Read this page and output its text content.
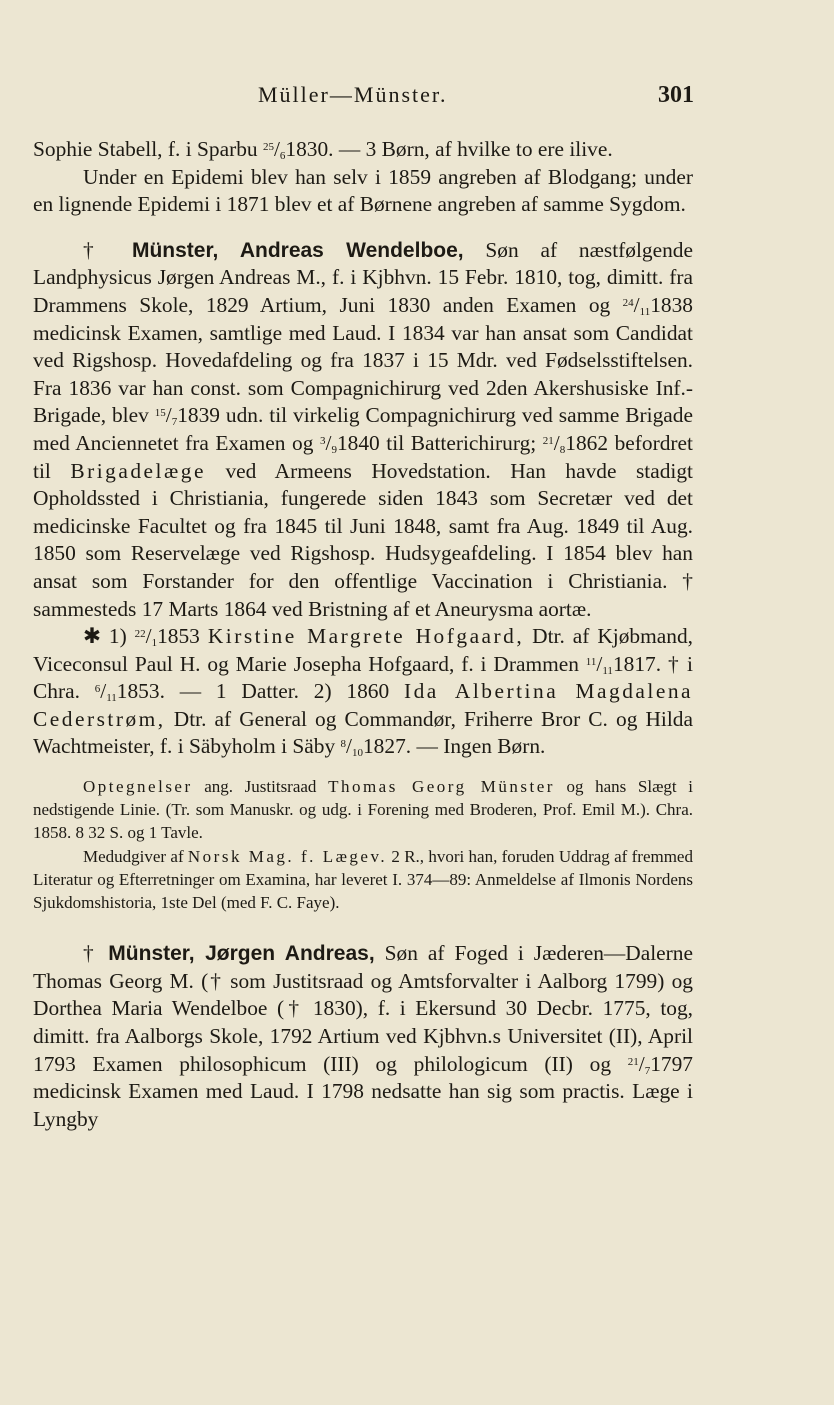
Müller—Münster.	301

Sophie Stabell, f. i Sparbu $^{25}/_61830$. — 3 Børn, af hvilke to ere ilive.

Under en Epidemi blev han selv i 1859 angreben af Blodgang; under en lignende Epidemi i 1871 blev et af Børnene angreben af samme Sygdom.

† Münster, Andreas Wendelboe, Søn af næstfølgende Landphysicus Jørgen Andreas M., f. i Kjbhvn. 15 Febr. 1810, tog, dimitt. fra Drammens Skole, 1829 Artium, Juni 1830 anden Examen og $^{24}/_{11}1838$ medicinsk Examen, samtlige med Laud. I 1834 var han ansat som Candidat ved Rigshosp. Hovedafdeling og fra 1837 i 15 Mdr. ved Fødselsstiftelsen. Fra 1836 var han const. som Compagnichirurg ved 2den Akershusiske Inf.-Brigade, blev $^{15}/_71839$ udn. til virkelig Compagnichirurg ved samme Brigade med Anciennetet fra Examen og $^3/_91840$ til Batterichirurg; $^{21}/_81862$ befordret til Brigadelæge ved Armeens Hovedstation. Han havde stadigt Opholdssted i Christiania, fungerede siden 1843 som Secretær ved det medicinske Facultet og fra 1845 til Juni 1848, samt fra Aug. 1849 til Aug. 1850 som Reservelæge ved Rigshosp. Hudsygeafdeling. I 1854 blev han ansat som Forstander for den offentlige Vaccination i Christiania. † sammesteds 17 Marts 1864 ved Bristning af et Aneurysma aortæ.

✱ 1) $^{22}/_11853$ Kirstine Margrete Hofgaard, Dtr. af Kjøbmand, Viceconsul Paul H. og Marie Josepha Hofgaard, f. i Drammen $^{11}/_{11}1817$. † i Chra. $^6/_{11}1853$. — 1 Datter. 2) 1860 Ida Albertina Magdalena Cederstrøm, Dtr. af General og Commandør, Friherre Bror C. og Hilda Wachtmeister, f. i Säbyholm i Säby $^8/_{10}1827$. — Ingen Børn.

Optegnelser ang. Justitsraad Thomas Georg Münster og hans Slægt i nedstigende Linie. (Tr. som Manuskr. og udg. i Forening med Broderen, Prof. Emil M.). Chra. 1858. 8 32 S. og 1 Tavle.

Medudgiver af Norsk Mag. f. Lægev. 2 R., hvori han, foruden Uddrag af fremmed Literatur og Efterretninger om Examina, har leveret I. 374—89: Anmeldelse af Ilmonis Nordens Sjukdomshistoria, 1ste Del (med F. C. Faye).

† Münster, Jørgen Andreas, Søn af Foged i Jæderen—Dalerne Thomas Georg M. († som Justitsraad og Amtsforvalter i Aalborg 1799) og Dorthea Maria Wendelboe († 1830), f. i Ekersund 30 Decbr. 1775, tog, dimitt. fra Aalborgs Skole, 1792 Artium ved Kjbhvn.s Universitet (II), April 1793 Examen philosophicum (III) og philologicum (II) og $^{21}/_71797$ medicinsk Examen med Laud. I 1798 nedsatte han sig som practis. Læge i Lyngby
